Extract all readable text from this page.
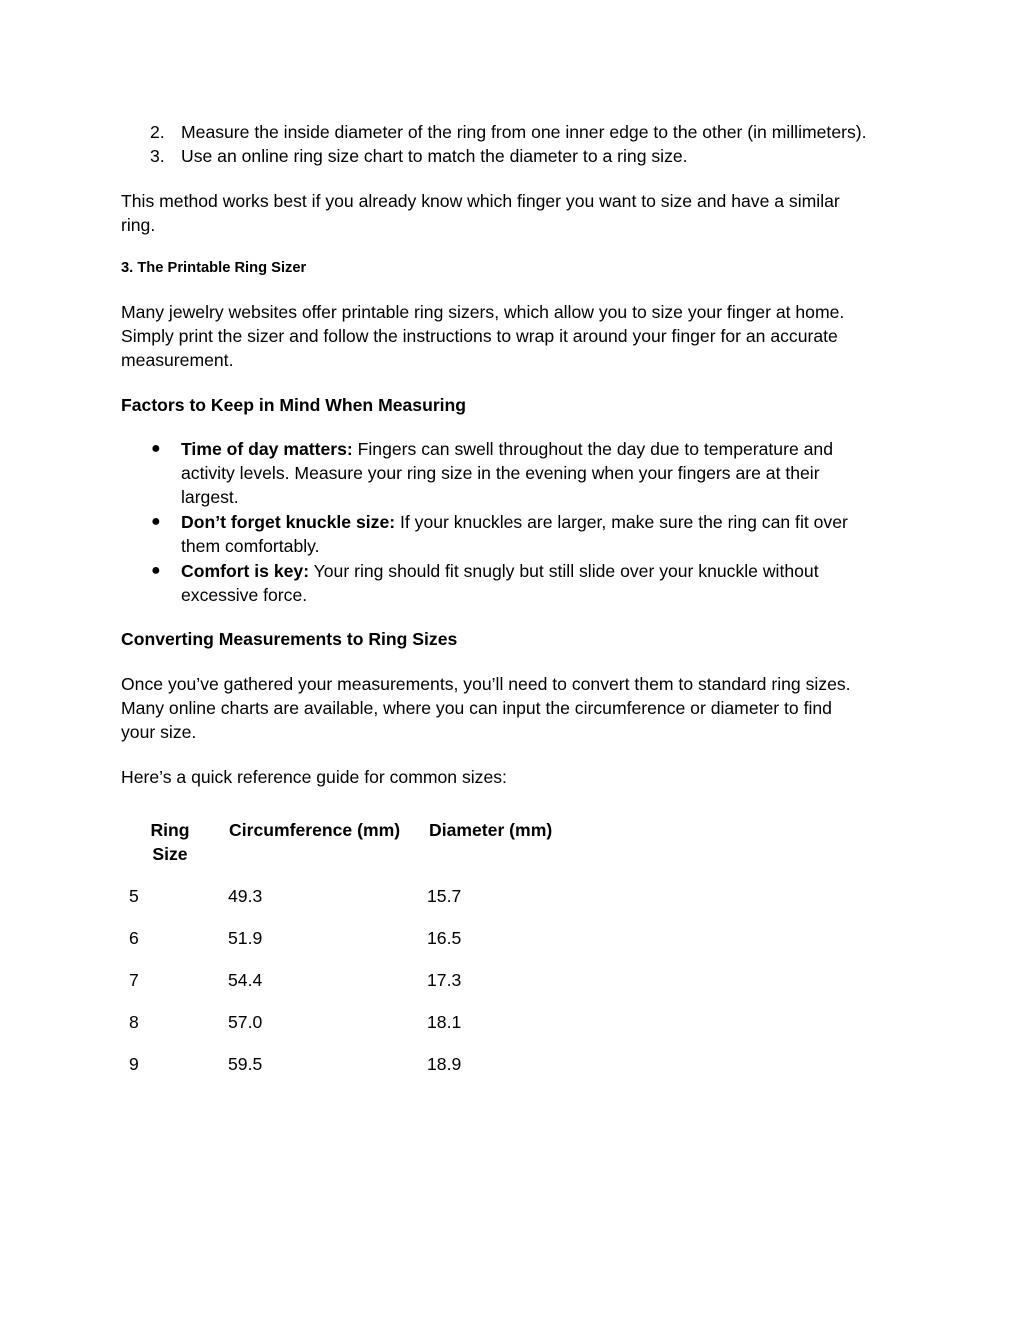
2. Measure the inside diameter of the ring from one inner edge to the other (in millimeters).
3. Use an online ring size chart to match the diameter to a ring size.
This method works best if you already know which finger you want to size and have a similar
ring.
3. The Printable Ring Sizer
Many jewelry websites offer printable ring sizers, which allow you to size your finger at home.
Simply print the sizer and follow the instructions to wrap it around your finger for an accurate
measurement.
Factors to Keep in Mind When Measuring
● Time of day matters: Fingers can swell throughout the day due to temperature and
activity levels. Measure your ring size in the evening when your fingers are at their
largest.
● Don’t forget knuckle size: If your knuckles are larger, make sure the ring can fit over
them comfortably.
● Comfort is key: Your ring should fit snugly but still slide over your knuckle without
excessive force.
Converting Measurements to Ring Sizes
Once you’ve gathered your measurements, you’ll need to convert them to standard ring sizes.
Many online charts are available, where you can input the circumference or diameter to find
your size.
Here’s a quick reference guide for common sizes:
Ring
Size
Circumference (mm) Diameter (mm)
5	49.3	15.7
6	51.9	16.5
7	54.4	17.3
8	57.0	18.1
9	59.5	18.9
